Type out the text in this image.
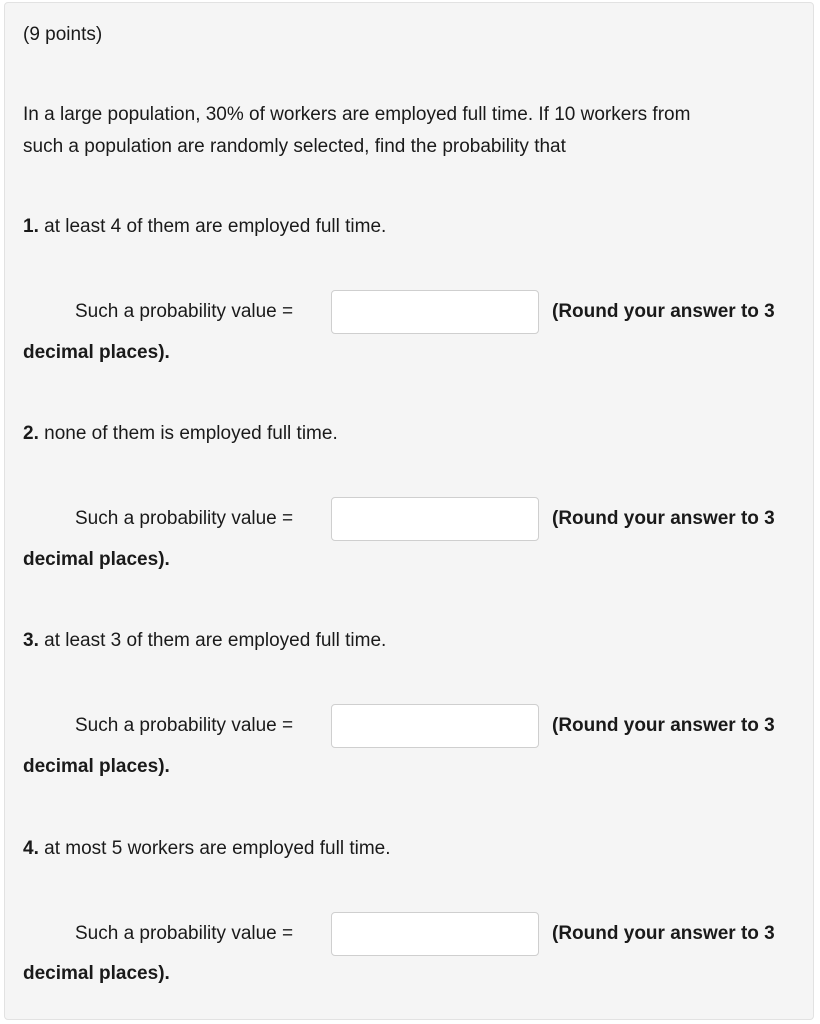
(9 points)
In a large population, 30% of workers are employed full time. If 10 workers from
such a population are randomly selected, find the probability that
1. at least 4 of them are employed full time.
Such a probability value =	(Round your answer to 3
decimal places).
2. none of them is employed full time.
Such a probability value =	(Round your answer to 3
decimal places).
3. at least 3 of them are employed full time.
Such a probability value =	(Round your answer to 3
decimal places).
4. at most 5 workers are employed full time.
Such a probability value =	(Round your answer to 3
decimal places).
